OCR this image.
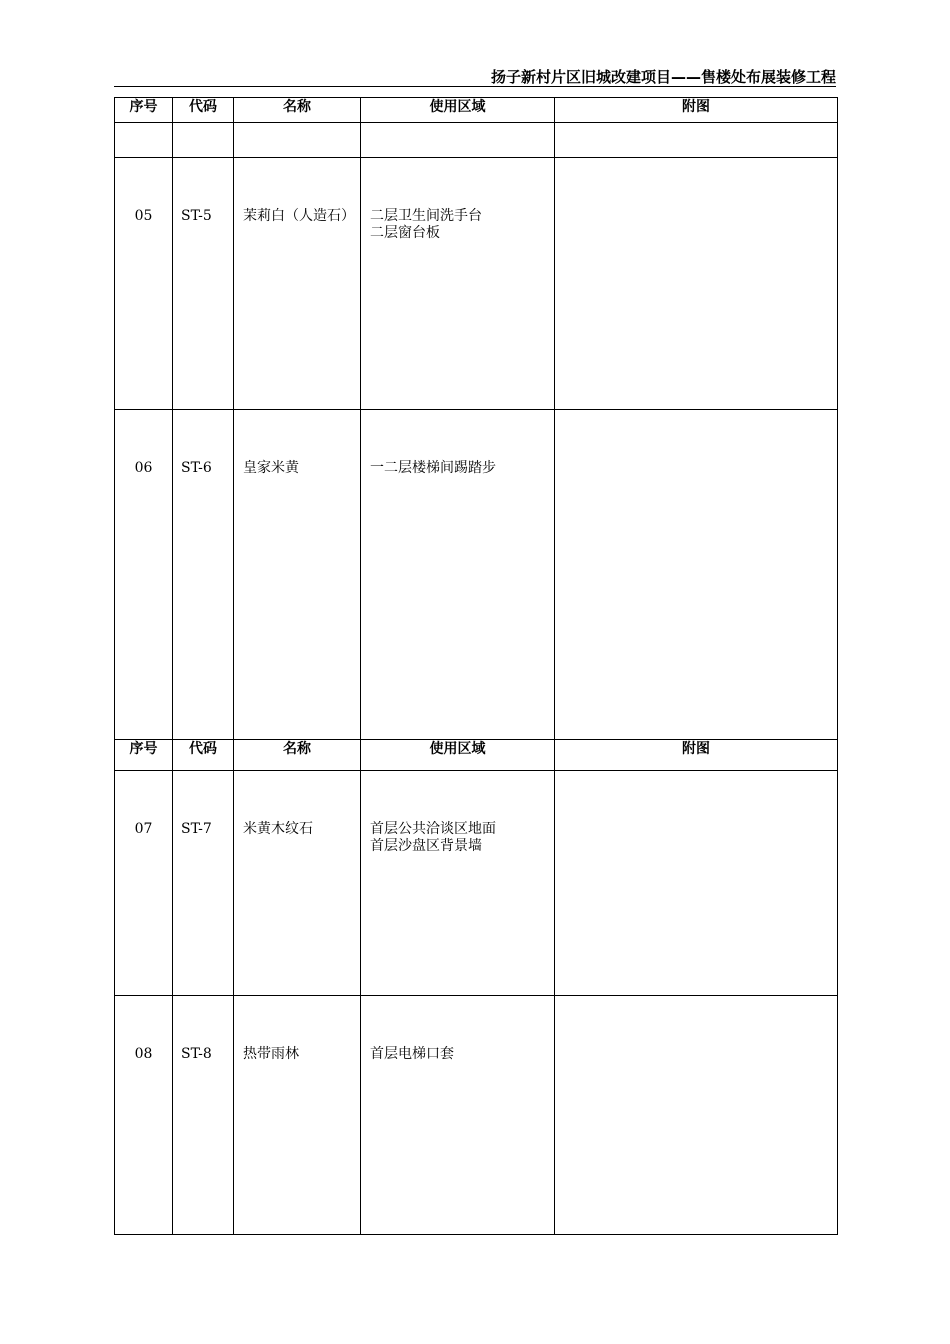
扬子新村片区旧城改建项目——售楼处布展装修工程
序号	代码	名称	使用区域	附图

05	ST-5	茉莉白（人造石）	二层卫生间洗手台
二层窗台板	

06	ST-6	皇家米黄	一二层楼梯间踢踏步	

序号	代码	名称	使用区域	附图
07	ST-7	米黄木纹石	首层公共洽谈区地面
首层沙盘区背景墙	

08	ST-8	热带雨林	首层电梯口套	
